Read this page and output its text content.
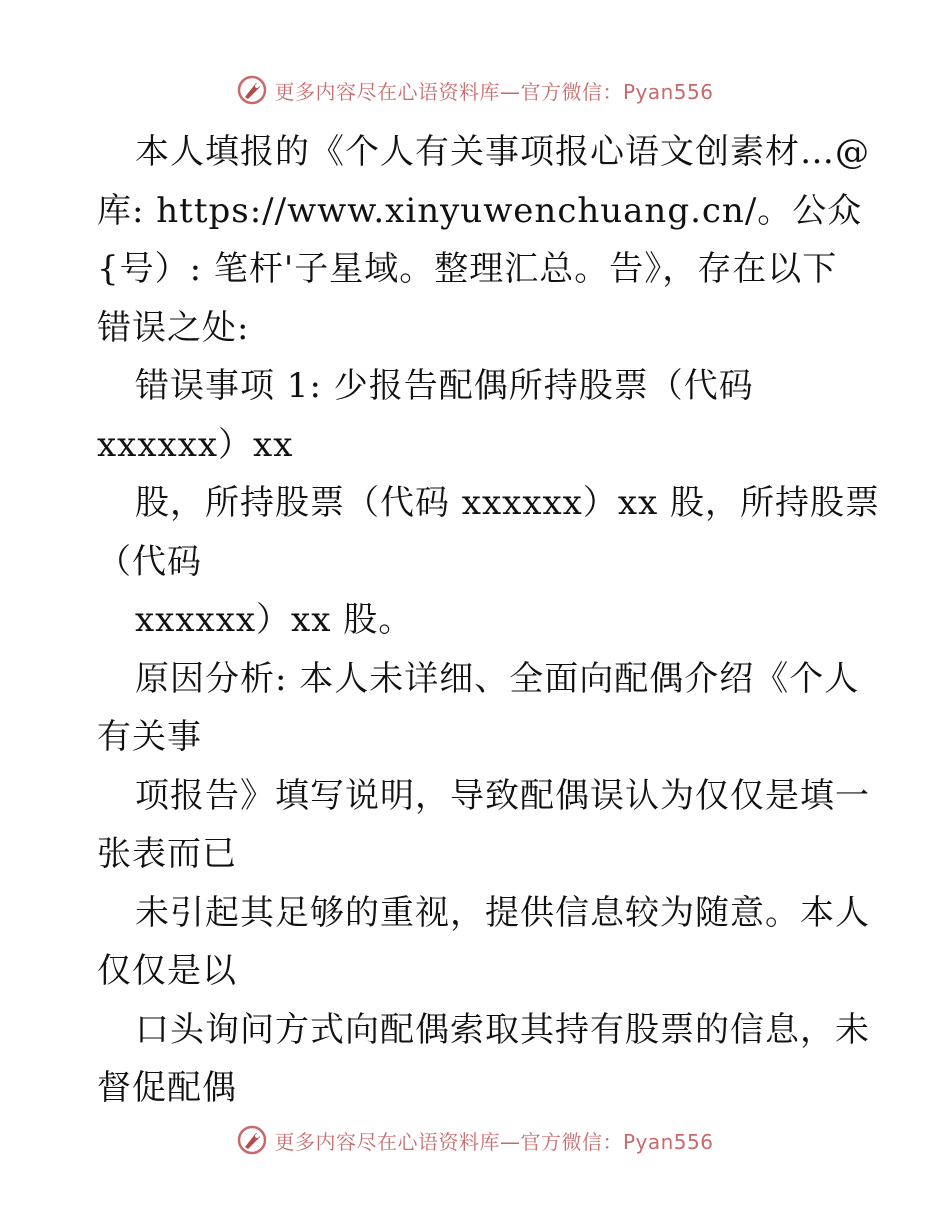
更多内容尽在心语资料库—官方微信：Pyan556
本人填报的《个人有关事项报心语文创素材…@
库: https://www.xinyuwenchuang.cn/。公众
{号）: 笔杆'子星域。整理汇总。告》，存在以下
错误之处:
错误事项 1: 少报告配偶所持股票（代码
xxxxxx）xx
股，所持股票（代码 xxxxxx）xx 股，所持股票
（代码
xxxxxx）xx 股。
原因分析: 本人未详细、全面向配偶介绍《个人
有关事
项报告》填写说明，导致配偶误认为仅仅是填一
张表而已
未引起其足够的重视，提供信息较为随意。本人
仅仅是以
口头询问方式向配偶索取其持有股票的信息，未
督促配偶
更多内容尽在心语资料库—官方微信：Pyan556
